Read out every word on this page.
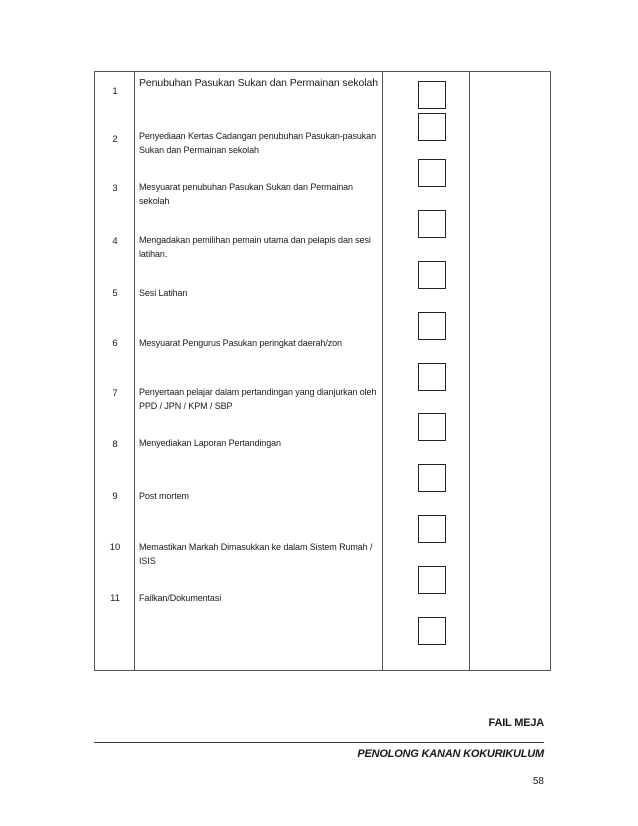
1
2
3
4
5
6
7
8
9
10
11
Penubuhan Pasukan Sukan dan Permainan sekolah
Penyediaan Kertas Cadangan penubuhan Pasukan-pasukan Sukan dan Permainan sekolah
Mesyuarat penubuhan Pasukan Sukan dan Permainan sekolah
Mengadakan pemilihan pemain utama dan pelapis dan sesi latihan.
Sesi Latihan
Mesyuarat Pengurus Pasukan peringkat daerah/zon
Penyertaan pelajar dalam pertandingan yang dianjurkan oleh PPD / JPN / KPM / SBP
Menyediakan Laporan Pertandingan
Post mortem
Memastikan Markah Dimasukkan ke dalam Sistem Rumah / ISIS
Failkan/Dokumentasi
FAIL MEJA
PENOLONG KANAN KOKURIKULUM
58
